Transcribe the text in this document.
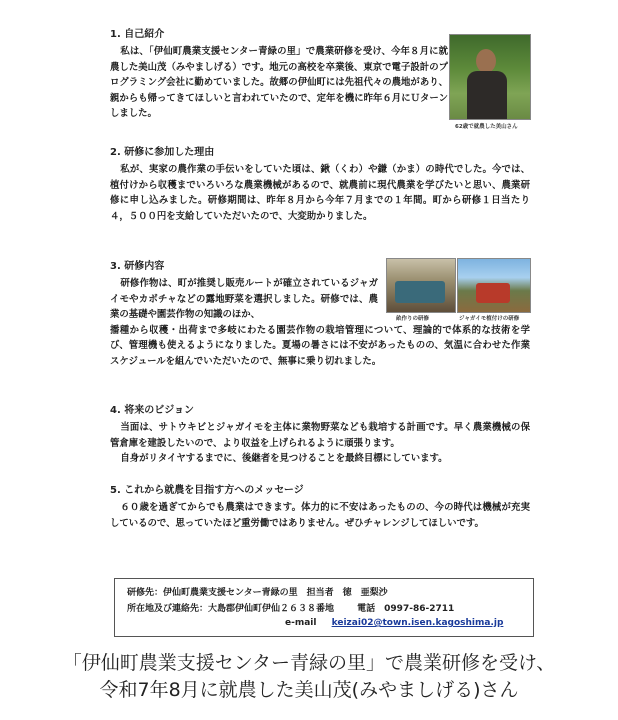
1. 自己紹介

私は、「伊仙町農業支援センター青緑の里」で農業研修を受け、今年８月に就農した美山茂（みやましげる）です。地元の高校を卒業後、東京で電子設計のプログラミング会社に勤めていました。故郷の伊仙町には先祖代々の農地があり、親からも帰ってきてほしいと言われていたので、定年を機に昨年６月にＵターンしました。

62歳で就農した美山さん
2. 研修に参加した理由

私が、実家の農作業の手伝いをしていた頃は、鍬（くわ）や鎌（かま）の時代でした。今では、植付けから収穫までいろいろな農業機械があるので、就農前に現代農業を学びたいと思い、農業研修に申し込みました。研修期間は、昨年８月から今年７月までの１年間。町から研修１日当たり４，５００円を支給していただいたので、大変助かりました。

3. 研修内容

研修作物は、町が推奨し販売ルートが確立されているジャガイモやカボチャなどの露地野菜を選択しました。研修では、農業の基礎や園芸作物の知識のほか、

播種から収穫・出荷まで多岐にわたる園芸作物の栽培管理について、理論的で体系的な技術を学び、管理機も使えるようになりました。夏場の暑さには不安があったものの、気温に合わせた作業スケジュールを組んでいただいたので、無事に乗り切れました。

畝作りの研修	ジャガイモ植付けの研修
4. 将来のビジョン

当面は、サトウキビとジャガイモを主体に業物野菜なども栽培する計画です。早く農業機械の保管倉庫を建設したいので、より収益を上げられるように頑張ります。

自身がリタイヤするまでに、後継者を見つけることを最終目標にしています。

5. これから就農を目指す方へのメッセージ

６０歳を過ぎてからでも農業はできます。体力的に不安はあったものの、今の時代は機械が充実しているので、思っていたほど重労働ではありません。ぜひチャレンジしてほしいです。

研修先：伊仙町農業支援センター青緑の里　担当者　徳　亜梨沙
所在地及び連絡先：大島郡伊仙町伊仙２６３８番地	電話　0997-86-2711
e-mail keizai02@town.isen.kagoshima.jp
「伊仙町農業支援センター青緑の里」で農業研修を受け、
令和7年8月に就農した美山茂(みやましげる)さん
